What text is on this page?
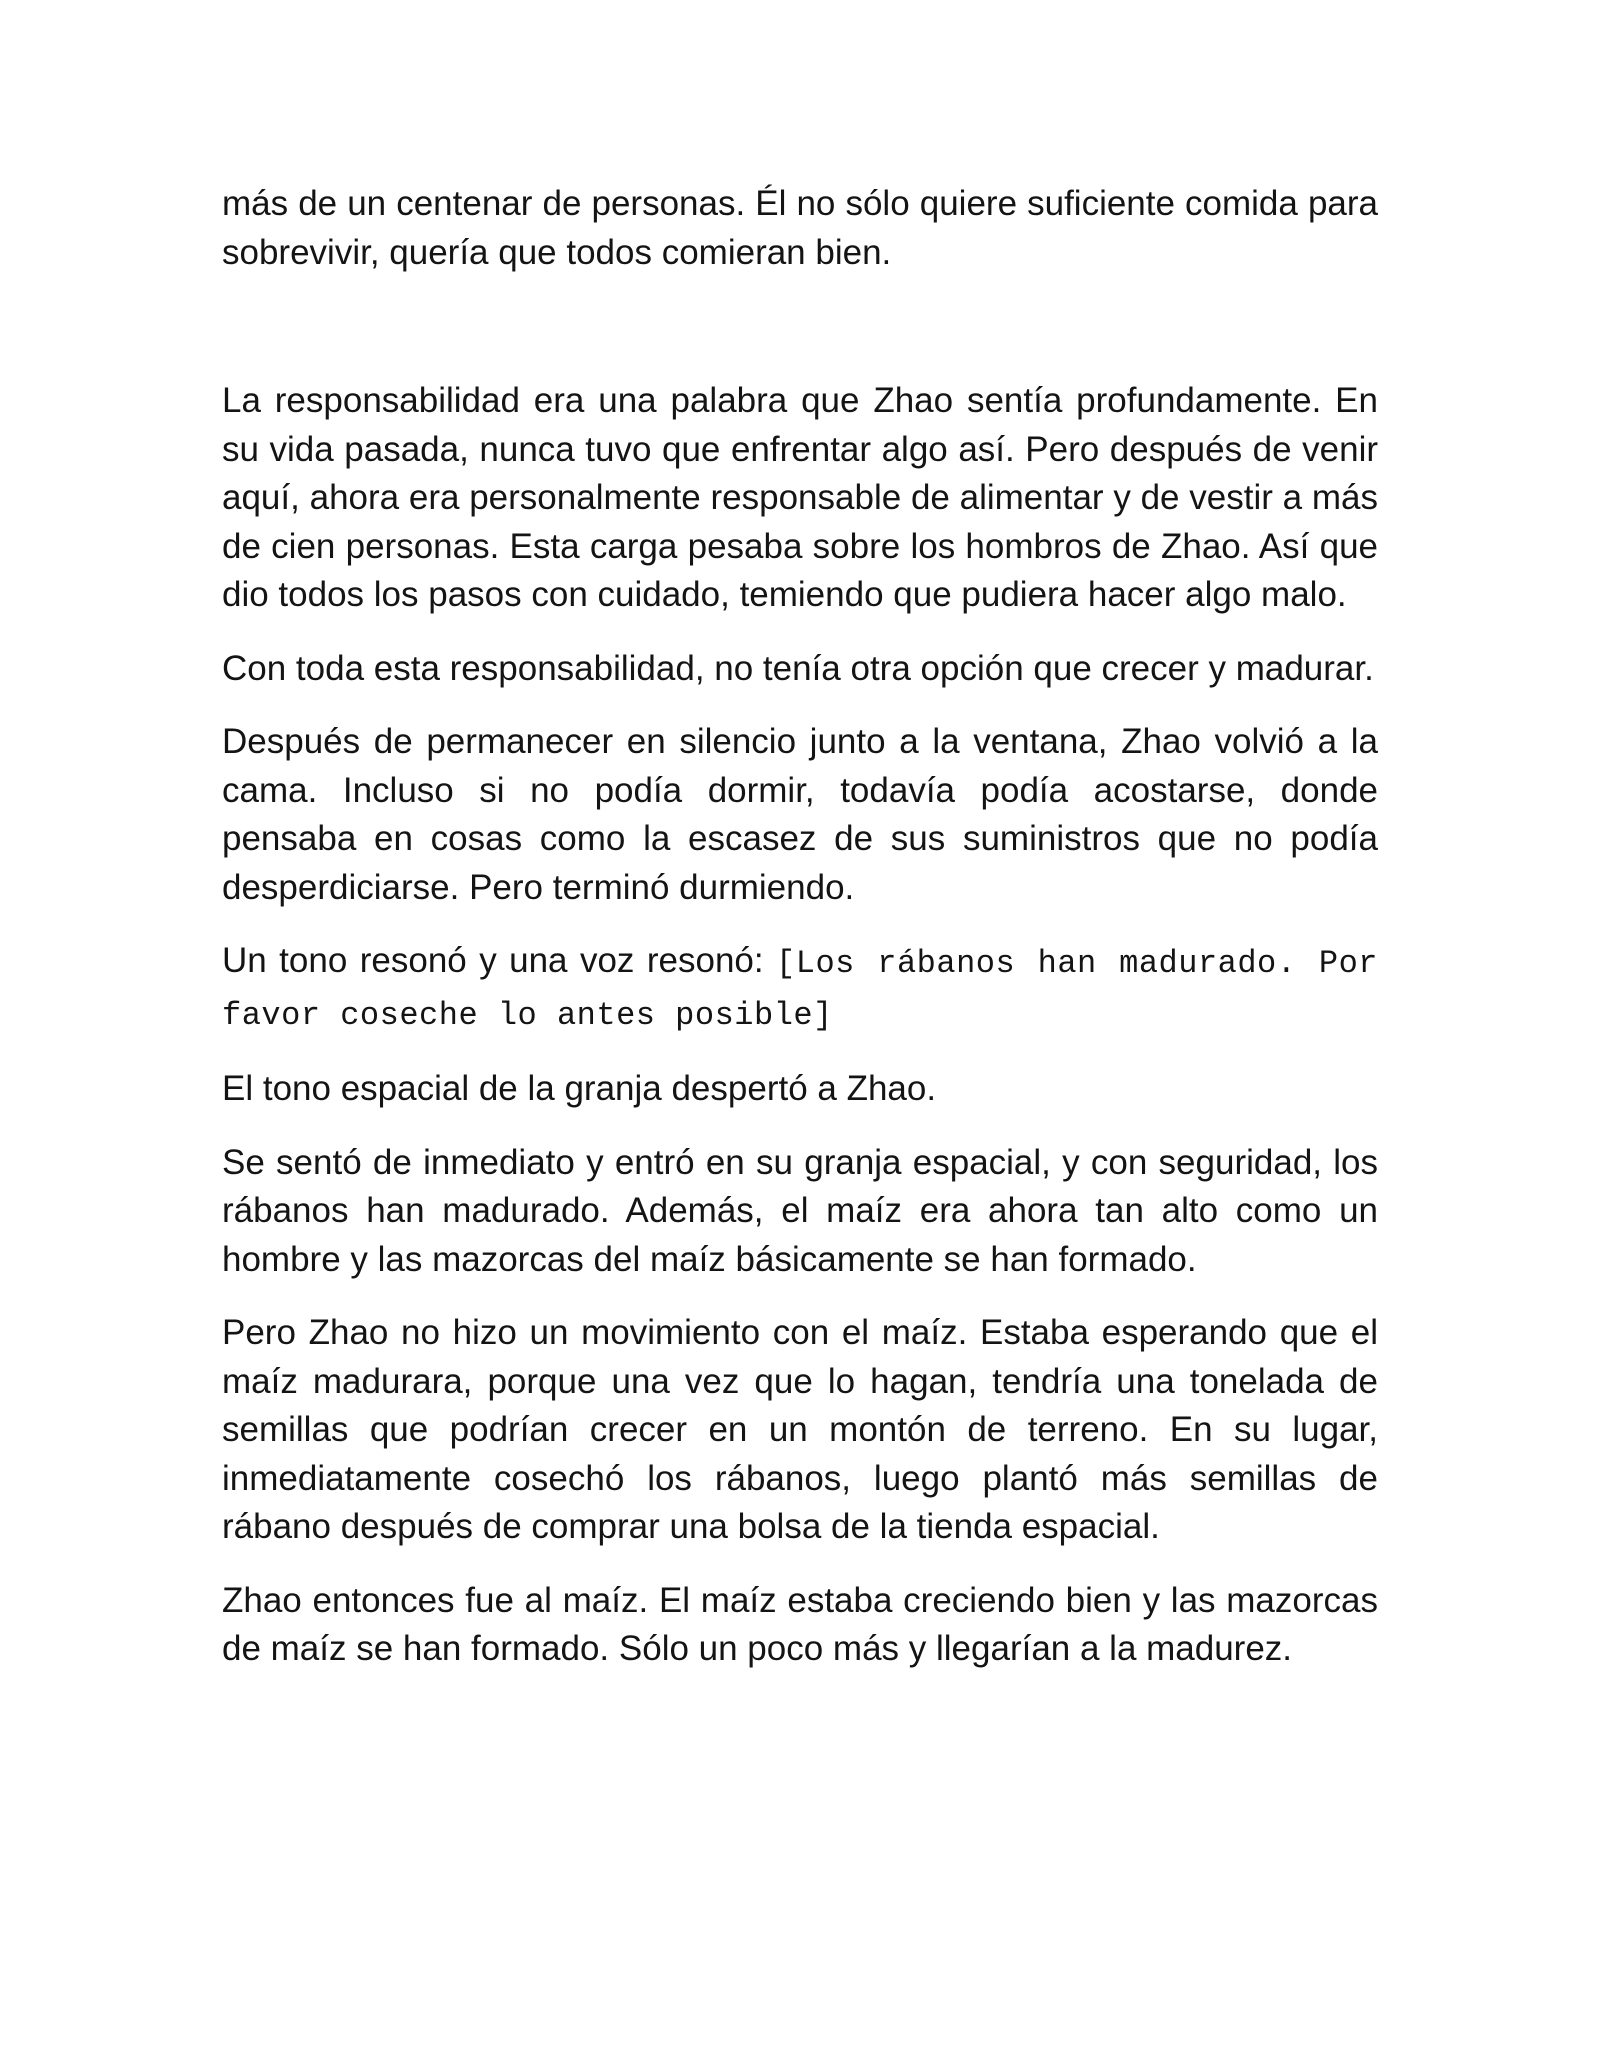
más de un centenar de personas. Él no sólo quiere suficiente comida para sobrevivir, quería que todos comieran bien.

La responsabilidad era una palabra que Zhao sentía profundamente. En su vida pasada, nunca tuvo que enfrentar algo así. Pero después de venir aquí, ahora era personalmente responsable de alimentar y de vestir a más de cien personas. Esta carga pesaba sobre los hombros de Zhao. Así que dio todos los pasos con cuidado, temiendo que pudiera hacer algo malo.

Con toda esta responsabilidad, no tenía otra opción que crecer y madurar.

Después de permanecer en silencio junto a la ventana, Zhao volvió a la cama. Incluso si no podía dormir, todavía podía acostarse, donde pensaba en cosas como la escasez de sus suministros que no podía desperdiciarse. Pero terminó durmiendo.

Un tono resonó y una voz resonó: [Los rábanos han madurado. Por favor coseche lo antes posible]

El tono espacial de la granja despertó a Zhao.

Se sentó de inmediato y entró en su granja espacial, y con seguridad, los rábanos han madurado. Además, el maíz era ahora tan alto como un hombre y las mazorcas del maíz básicamente se han formado.

Pero Zhao no hizo un movimiento con el maíz. Estaba esperando que el maíz madurara, porque una vez que lo hagan, tendría una tonelada de semillas que podrían crecer en un montón de terreno. En su lugar, inmediatamente cosechó los rábanos, luego plantó más semillas de rábano después de comprar una bolsa de la tienda espacial.

Zhao entonces fue al maíz. El maíz estaba creciendo bien y las mazorcas de maíz se han formado. Sólo un poco más y llegarían a la madurez.
